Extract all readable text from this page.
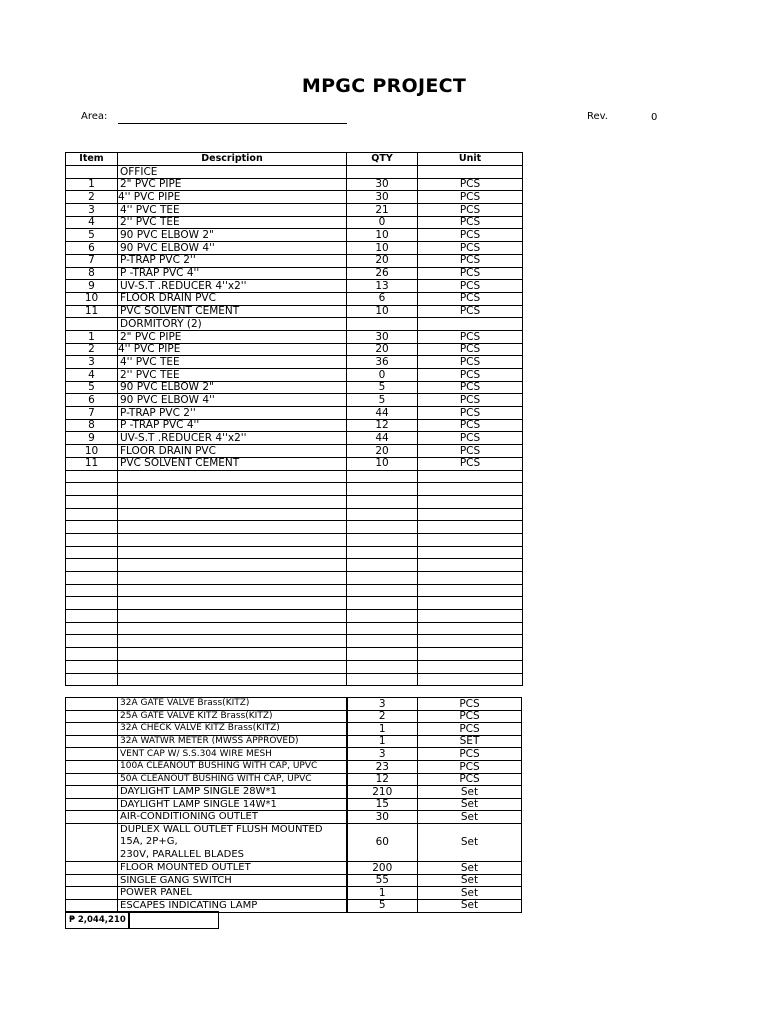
MPGC PROJECT
Area:	Rev.	0
Item	Description	QTY	Unit
	OFFICE		
1	2" PVC PIPE	30	PCS
2	4'' PVC PIPE	30	PCS
3	4'' PVC TEE	21	PCS
4	2'' PVC TEE	0	PCS
5	90 PVC ELBOW 2"	10	PCS
6	90 PVC ELBOW 4''	10	PCS
7	P-TRAP PVC 2''	20	PCS
8	P -TRAP PVC 4''	26	PCS
9	UV-S.T .REDUCER 4''x2''	13	PCS
10	FLOOR DRAIN PVC	6	PCS
11	PVC SOLVENT CEMENT	10	PCS
	DORMITORY (2)		
1	2" PVC PIPE	30	PCS
2	4'' PVC PIPE	20	PCS
3	4'' PVC TEE	36	PCS
4	2'' PVC TEE	0	PCS
5	90 PVC ELBOW 2"	5	PCS
6	90 PVC ELBOW 4''	5	PCS
7	P-TRAP PVC 2''	44	PCS
8	P -TRAP PVC 4''	12	PCS
9	UV-S.T .REDUCER 4''x2''	44	PCS
10	FLOOR DRAIN PVC	20	PCS
11	PVC SOLVENT CEMENT	10	PCS

	32A GATE VALVE Brass(KITZ)	3	PCS
	25A GATE VALVE KITZ Brass(KITZ)	2	PCS
	32A CHECK VALVE KITZ Brass(KITZ)	1	PCS
	32A WATWR METER (MWSS APPROVED)	1	SET
	VENT CAP W/ S.S.304 WIRE MESH	3	PCS
	100A CLEANOUT BUSHING WITH CAP, UPVC	23	PCS
	50A CLEANOUT BUSHING WITH CAP, UPVC	12	PCS
	DAYLIGHT LAMP SINGLE 28W*1	210	Set
	DAYLIGHT LAMP SINGLE 14W*1	15	Set
	AIR-CONDITIONING OUTLET	30	Set

	DUPLEX WALL OUTLET FLUSH MOUNTED
15A, 2P+G,
230V, PARALLEL BLADES	60	Set
	FLOOR MOUNTED OUTLET	200	Set
	SINGLE GANG SWITCH	55	Set
	POWER PANEL	1	Set
	ESCAPES INDICATING LAMP	5	Set
₱ 2,044,210	
